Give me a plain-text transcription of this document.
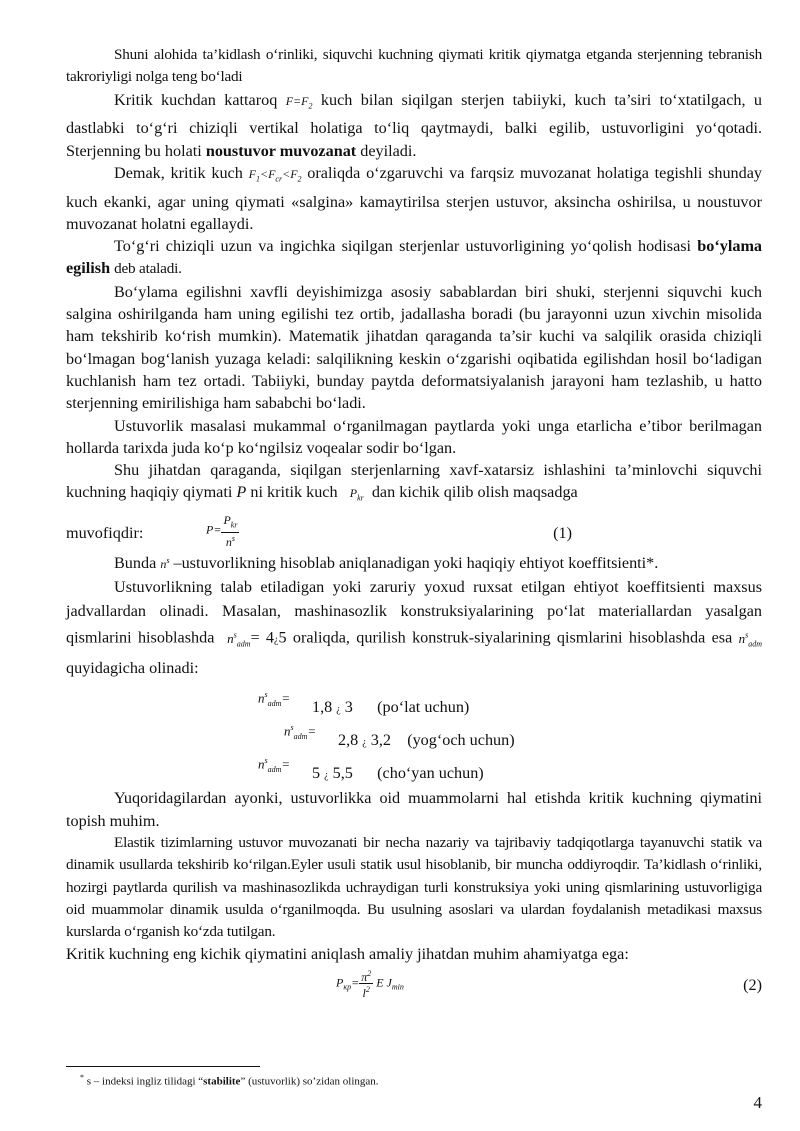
Shuni alohida ta’kidlash o‘rinliki, siquvchi kuchning qiymati kritik qiymatga etganda sterjenning tebranish takroriyligi nolga teng bo‘ladi

Kritik kuchdan kattaroq $F=F_2$ kuch bilan siqilgan sterjen tabiiyki, kuch ta’siri to‘xtatilgach, u dastlabki to‘g‘ri chiziqli vertikal holatiga to‘liq qaytmaydi, balki egilib, ustuvorligini yo‘qotadi. Sterjenning bu holati noustuvor muvozanat deyiladi.

Demak, kritik kuch $F_1<F_{cr}<F_2$ oraliqda o‘zgaruvchi va farqsiz muvozanat holatiga tegishli shunday kuch ekanki, agar uning qiymati «salgina» kamaytirilsa sterjen ustuvor, aksincha oshirilsa, u noustuvor muvozanat holatni egallaydi.

To‘g‘ri chiziqli uzun va ingichka siqilgan sterjenlar ustuvorligining yo‘qolish hodisasi bo‘ylama egilish deb ataladi.

Bo‘ylama egilishni xavfli deyishimizga asosiy sabablardan biri shuki, sterjenni siquvchi kuch salgina oshirilganda ham uning egilishi tez ortib, jadallasha boradi (bu jarayonni uzun xivchin misolida ham tekshirib ko‘rish mumkin). Matematik jihatdan qaraganda ta’sir kuchi va salqilik orasida chiziqli bo‘lmagan bog‘lanish yuzaga keladi: salqilikning keskin o‘zgarishi oqibatida egilishdan hosil bo‘ladigan kuchlanish ham tez ortadi. Tabiiyki, bunday paytda deformatsiyalanish jarayoni ham tezlashib, u hatto sterjenning emirilishiga ham sababchi bo‘ladi.

Ustuvorlik masalasi mukammal o‘rganilmagan paytlarda yoki unga etarlicha e’tibor berilmagan hollarda tarixda juda ko‘p ko‘ngilsiz voqealar sodir bo‘lgan.

Shu jihatdan qaraganda, siqilgan sterjenlarning xavf-xatarsiz ishlashini ta’minlovchi siquvchi kuchning haqiqiy qiymati P ni kritik kuch $P_{kr}$ dan kichik qilib olish maqsadga

muvofiqdir:	$P= \frac{P_{kr}}{n^s}$	(1)

Bunda $n^s$ –ustuvorlikning hisoblab aniqlanadigan yoki haqiqiy ehtiyot koeffitsienti*.

Ustuvorlikning talab etiladigan yoki zaruriy yoxud ruxsat etilgan ehtiyot koeffitsienti maxsus jadvallardan olinadi. Masalan, mashinasozlik konstruksiyalarining po‘lat materiallardan yasalgan qismlarini hisoblashda $n^s_{adm}=$ 4¿5 oraliqda, qurilish konstruk-siyalarining qismlarini hisoblashda esa $n^s_{adm}$ quyidagicha olinadi:

$n^s_{adm}=$
1,8 ¿ 3 (po‘lat uchun)
$n^s_{adm}=$
2,8 ¿ 3,2 (yog‘och uchun)
$n^s_{adm}=$
5 ¿ 5,5 (cho‘yan uchun)

Yuqoridagilardan ayonki, ustuvorlikka oid muammolarni hal etishda kritik kuchning qiymatini topish muhim.

Elastik tizimlarning ustuvor muvozanati bir necha nazariy va tajribaviy tadqiqotlarga tayanuvchi statik va dinamik usullarda tekshirib ko‘rilgan.Eyler usuli statik usul hisoblanib, bir muncha oddiyroqdir. Ta’kidlash o‘rinliki, hozirgi paytlarda qurilish va mashinasozlikda uchraydigan turli konstruksiya yoki uning qismlarining ustuvorligiga oid muammolar dinamik usulda o‘rganilmoqda. Bu usulning asoslari va ulardan foydalanish metadikasi maxsus kurslarda o‘rganish ko‘zda tutilgan.

Kritik kuchning eng kichik qiymatini aniqlash amaliy jihatdan muhim ahamiyatga ega:

$P_{кр}= \frac{\pi^2}{l^2}$ E $J_{min}$	(2)
* s – indeksi ingliz tilidagi “stabilite” (ustuvorlik) so’zidan olingan.
4
